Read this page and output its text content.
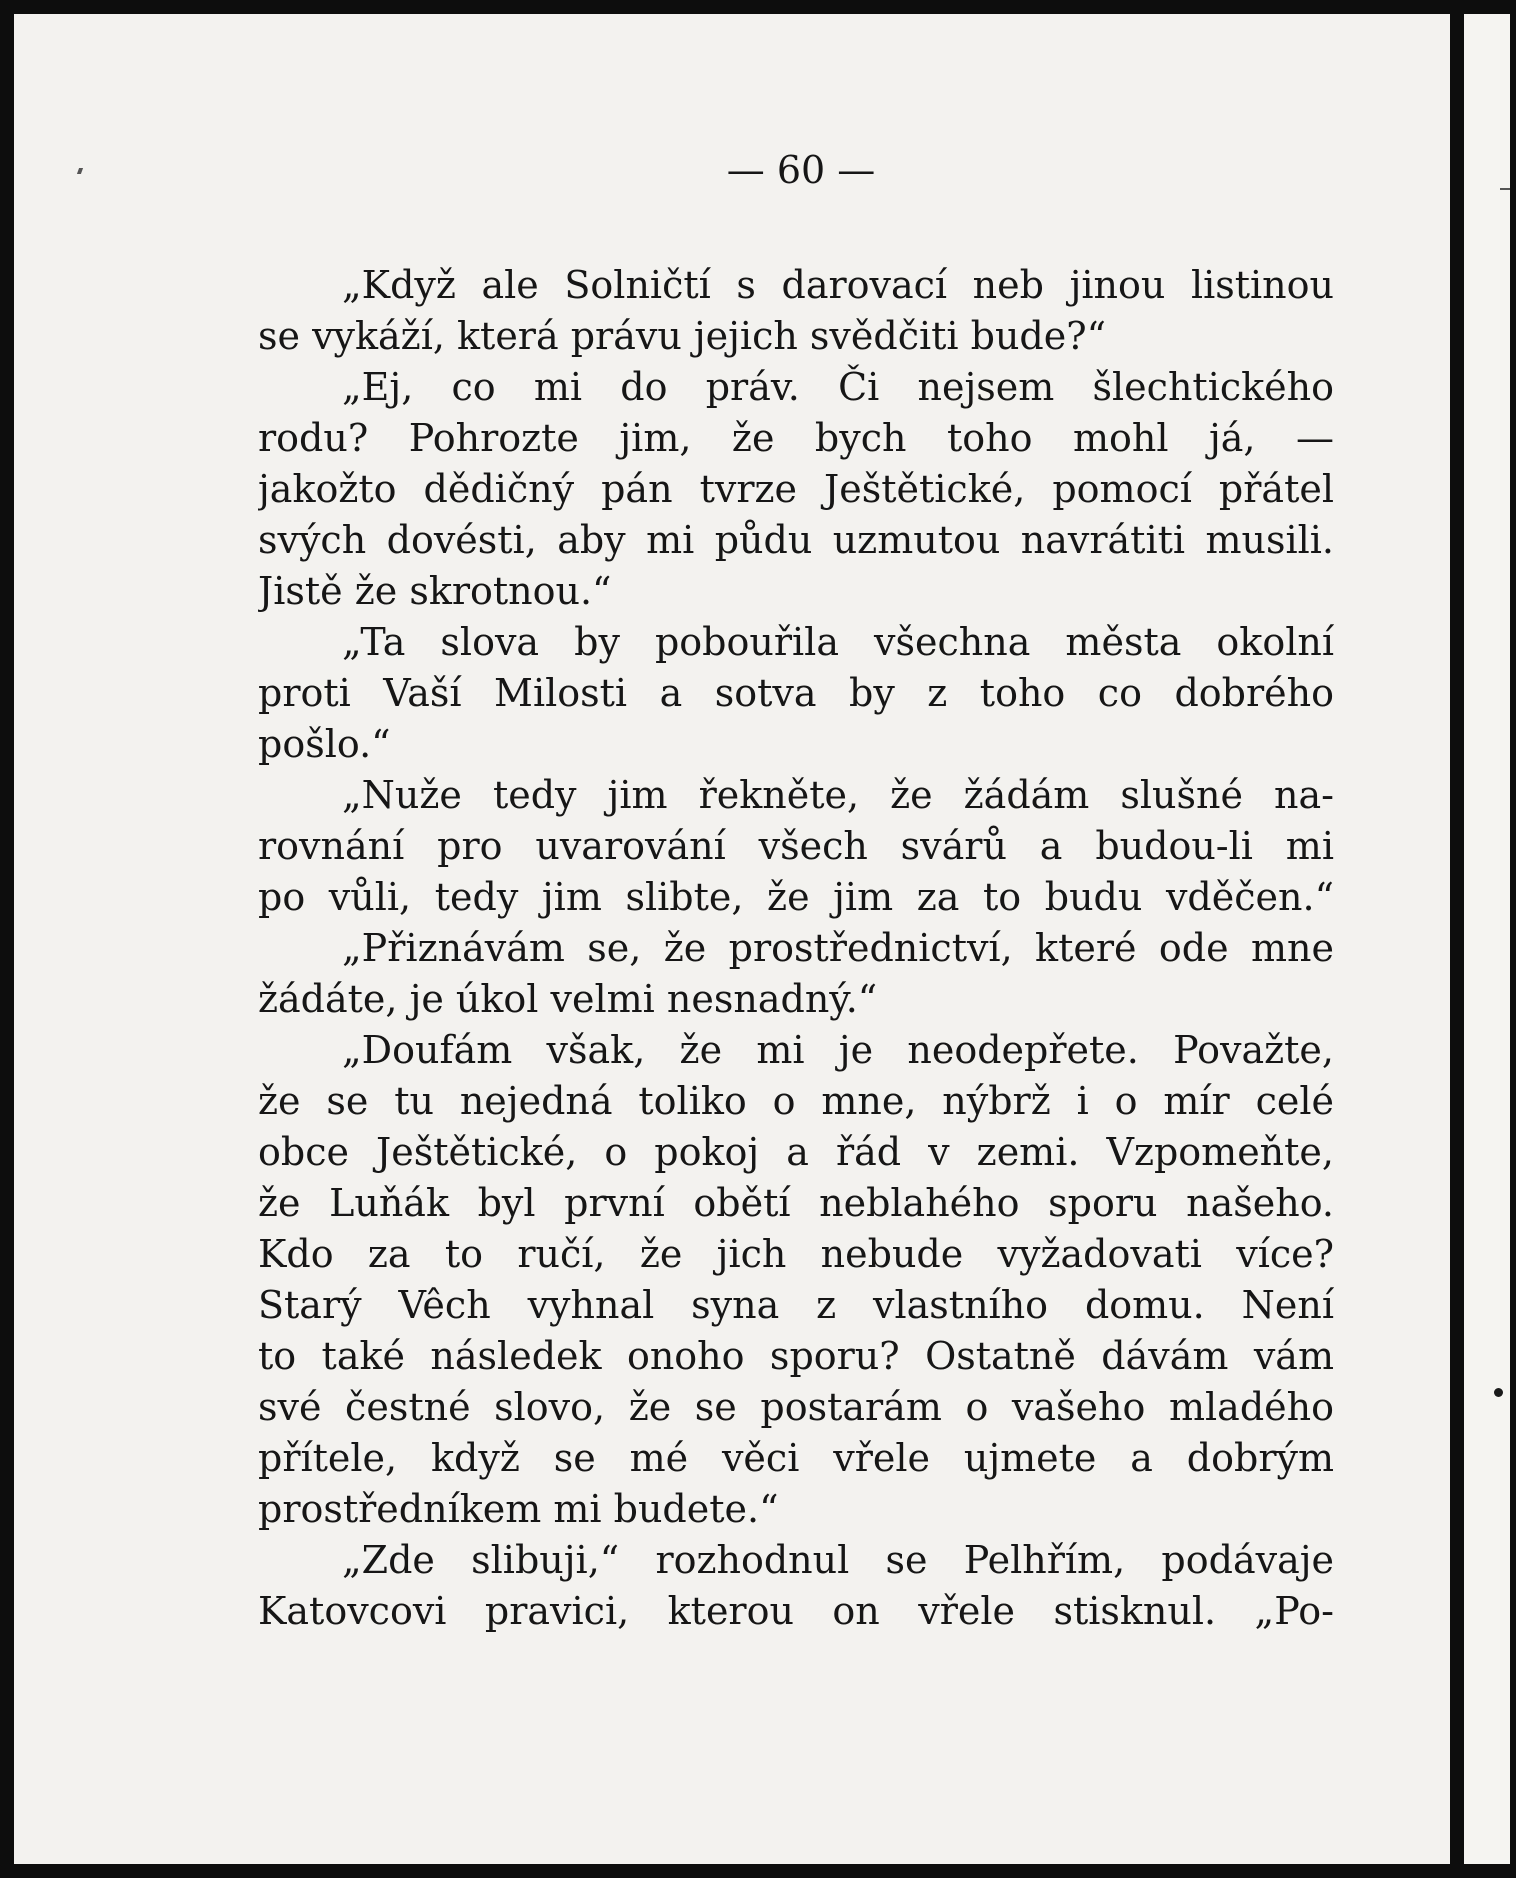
— 60 —
„Když ale Solničtí s darovací neb jinou listinou
se vykáží, která právu jejich svědčiti bude?“
„Ej, co mi do práv. Či nejsem šlechtického
rodu? Pohrozte jim, že bych toho mohl já, —
jakožto dědičný pán tvrze Ještětické, pomocí přátel
svých dovésti, aby mi půdu uzmutou navrátiti musili.
Jistě že skrotnou.“
„Ta slova by pobouřila všechna města okolní
proti Vaší Milosti a sotva by z toho co dobrého
pošlo.“
„Nuže tedy jim řekněte, že žádám slušné na-
rovnání pro uvarování všech svárů a budou-li mi
po vůli, tedy jim slibte, že jim za to budu vděčen.“
„Přiznávám se, že prostřednictví, které ode mne
žádáte, je úkol velmi nesnadný.“
„Doufám však, že mi je neodepřete. Považte,
že se tu nejedná toliko o mne, nýbrž i o mír celé
obce Ještětické, o pokoj a řád v zemi. Vzpomeňte,
že Luňák byl první obětí neblahého sporu našeho.
Kdo za to ručí, že jich nebude vyžadovati více?
Starý Vêch vyhnal syna z vlastního domu. Není
to také následek onoho sporu? Ostatně dávám vám
své čestné slovo, že se postarám o vašeho mladého
přítele, když se mé věci vřele ujmete a dobrým
prostředníkem mi budete.“
„Zde slibuji,“ rozhodnul se Pelhřím, podávaje
Katovcovi pravici, kterou on vřele stisknul. „Po-
